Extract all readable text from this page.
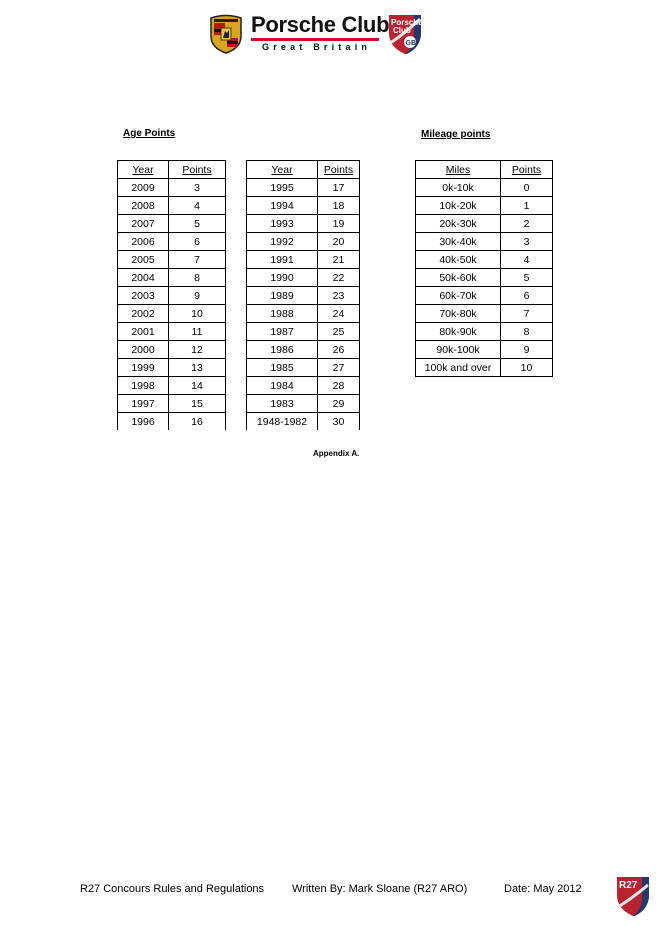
Porsche Club
Great Britain
Porsche
Club
GB
Age Points	Mileage points
Year	Points
2009	3
2008	4
2007	5
2006	6
2005	7
2004	8
2003	9
2002	10
2001	11
2000	12
1999	13
1998	14
1997	15
1996	16
Year	Points
1995	17
1994	18
1993	19
1992	20
1991	21
1990	22
1989	23
1988	24
1987	25
1986	26
1985	27
1984	28
1983	29
1948-1982	30
Miles	Points
0k-10k	0
10k-20k	1
20k-30k	2
30k-40k	3
40k-50k	4
50k-60k	5
60k-70k	6
70k-80k	7
80k-90k	8
90k-100k	9
100k and over	10
Appendix A.
R27 Concours Rules and Regulations	Written By: Mark Sloane (R27 ARO)	Date: May 2012	R27
